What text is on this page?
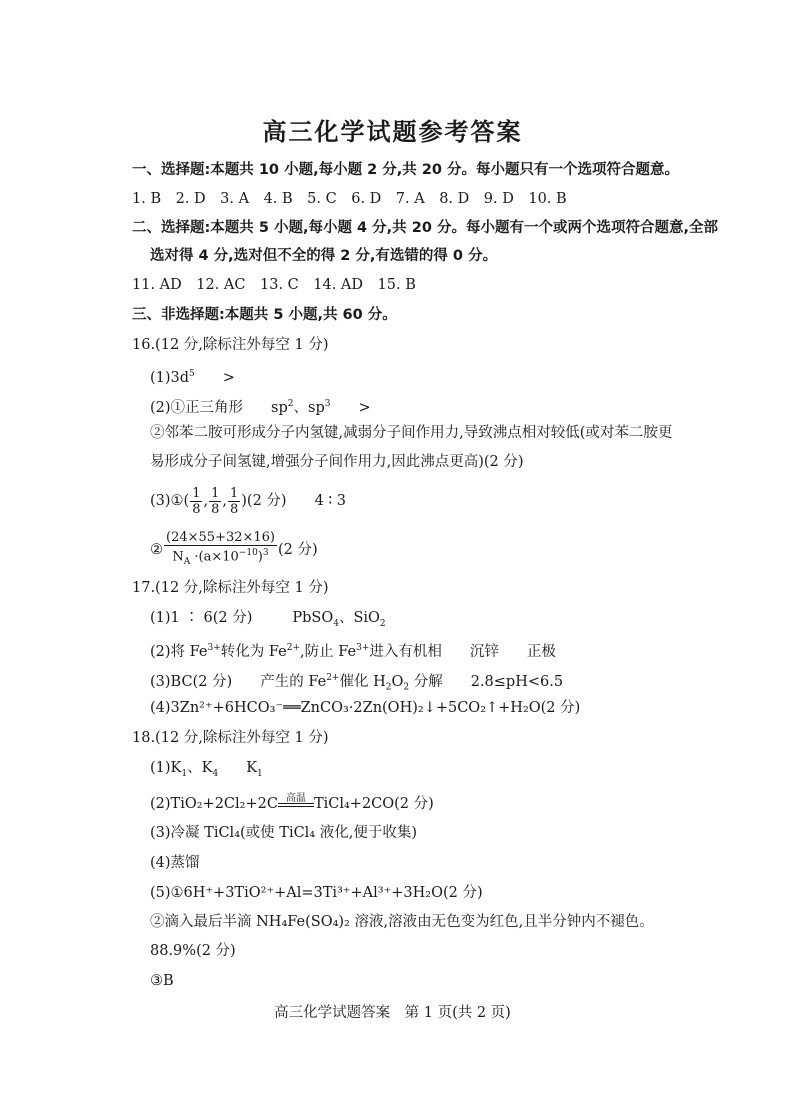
高三化学试题参考答案
一、选择题:本题共 10 小题,每小题 2 分,共 20 分。每小题只有一个选项符合题意。
1. B　2. D　3. A　4. B　5. C　6. D　7. A　8. D　9. D　10. B
二、选择题:本题共 5 小题,每小题 4 分,共 20 分。每小题有一个或两个选项符合题意,全部
选对得 4 分,选对但不全的得 2 分,有选错的得 0 分。
11. AD　12. AC　13. C　14. AD　15. B
三、非选择题:本题共 5 小题,共 60 分。
16.(12 分,除标注外每空 1 分)
$(1)3d^5$ >
(2)①正三角形 $sp^2$、$sp^3$ >
②邻苯二胺可形成分子内氢键,减弱分子间作用力,导致沸点相对较低(或对苯二胺更
易形成分子间氢键,增强分子间作用力,因此沸点更高)(2 分)
(3)①( $\frac{1}{8}$ , $\frac{1}{8}$ , $\frac{1}{8} )(2$ 分) 4 ∶ 3
② $\frac{(24\times 55+32\times 16)}{N_A \cdot(a\times 10^{-10})^3} (2$ 分)
17.(12 分,除标注外每空 1 分)
(1)1 ∶ 6(2 分)	PbSO$_4$、SiO$_2$
(2)将 $Fe^{3+}$转化为 $Fe^{2+}$,防止 $Fe^{3+}$进入有机相 沉锌 正极
(3)BC(2 分) 产生的 $Fe^{2+}$催化 $H_2O_2$ 分解 2.8≤pH<6.5
(4)3Zn²⁺+6HCO₃⁻══ZnCO₃·2Zn(OH)₂↓+5CO₂↑+H₂O(2 分)
18.(12 分,除标注外每空 1 分)
$(1)K_1$、$K_4$ $K_1$
(2)TiO₂+2Cl₂+2C 高温 TiCl₄+2CO(2 分)
(3)冷凝 TiCl₄(或使 TiCl₄ 液化,便于收集)
(4)蒸馏
(5)①6H⁺+3TiO²⁺+Al=3Ti³⁺+Al³⁺+3H₂O(2 分)
②滴入最后半滴 NH₄Fe(SO₄)₂ 溶液,溶液由无色变为红色,且半分钟内不褪色。
88.9%(2 分)
③B
高三化学试题答案　第 1 页(共 2 页)
